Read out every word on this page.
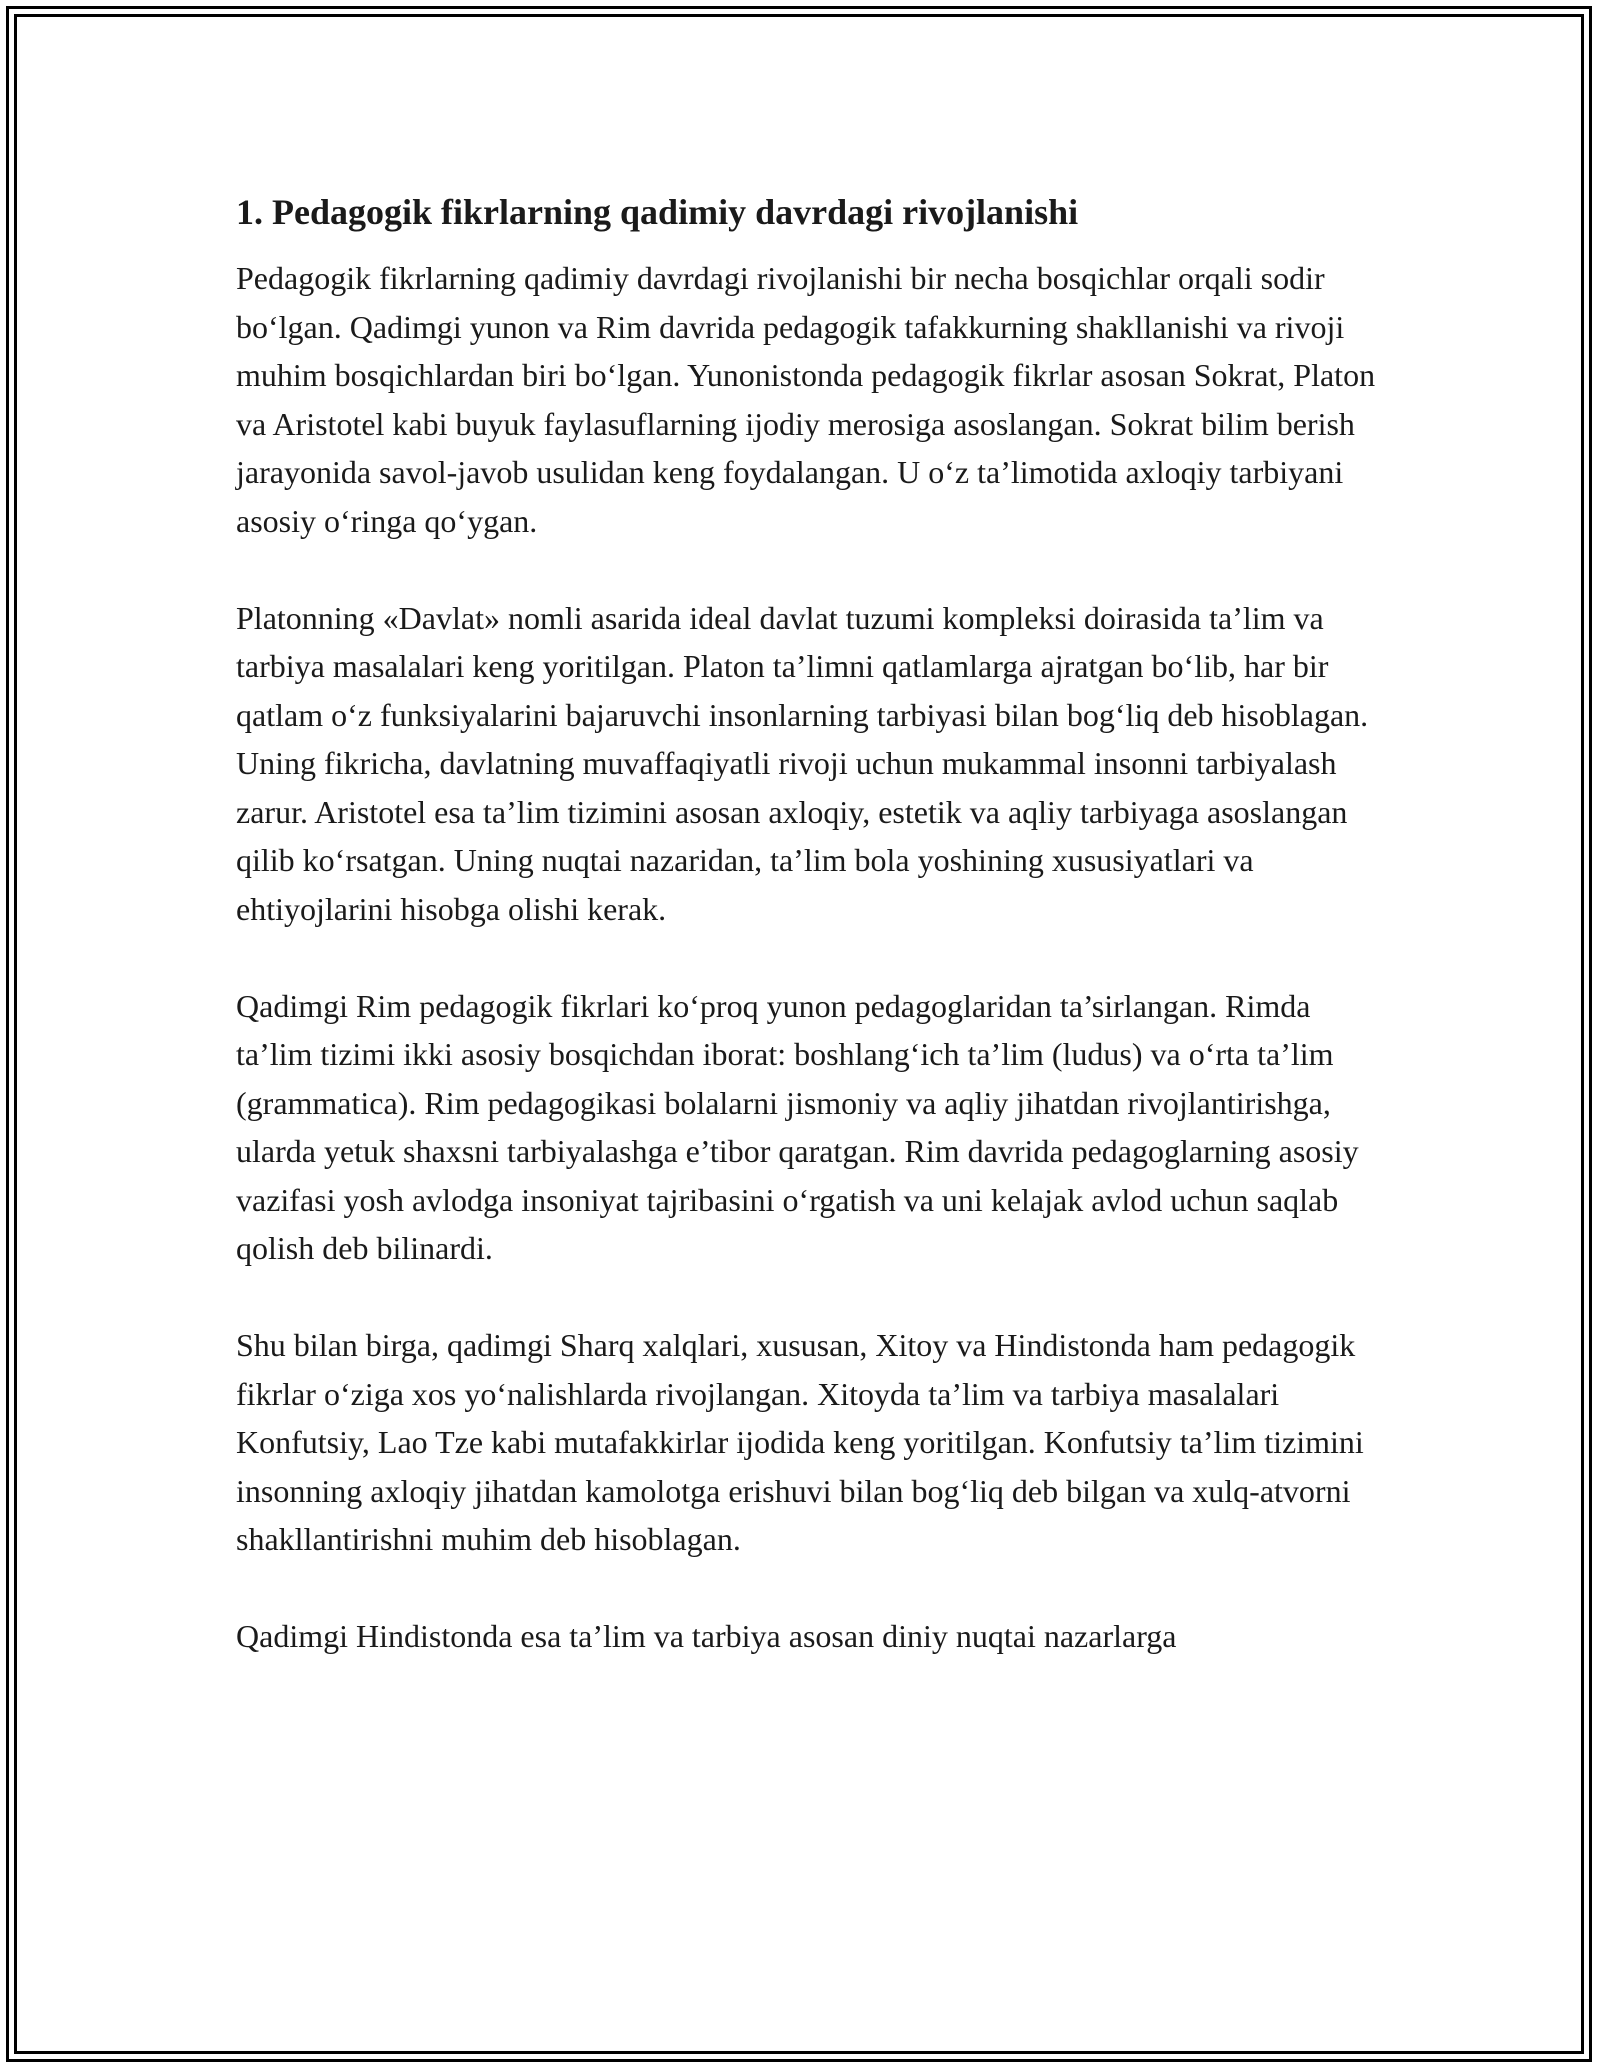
1. Pedagogik fikrlarning qadimiy davrdagi rivojlanishi

Pedagogik fikrlarning qadimiy davrdagi rivojlanishi bir necha bosqichlar orqali sodir bo‘lgan. Qadimgi yunon va Rim davrida pedagogik tafakkurning shakllanishi va rivoji muhim bosqichlardan biri bo‘lgan. Yunonistonda pedagogik fikrlar asosan Sokrat, Platon va Aristotel kabi buyuk faylasuflarning ijodiy merosiga asoslangan. Sokrat bilim berish jarayonida savol-javob usulidan keng foydalangan. U o‘z ta’limotida axloqiy tarbiyani asosiy o‘ringa qo‘ygan.

Platonning «Davlat» nomli asarida ideal davlat tuzumi kompleksi doirasida ta’lim va tarbiya masalalari keng yoritilgan. Platon ta’limni qatlamlarga ajratgan bo‘lib, har bir qatlam o‘z funksiyalarini bajaruvchi insonlarning tarbiyasi bilan bog‘liq deb hisoblagan. Uning fikricha, davlatning muvaffaqiyatli rivoji uchun mukammal insonni tarbiyalash zarur. Aristotel esa ta’lim tizimini asosan axloqiy, estetik va aqliy tarbiyaga asoslangan qilib ko‘rsatgan. Uning nuqtai nazaridan, ta’lim bola yoshining xususiyatlari va ehtiyojlarini hisobga olishi kerak.

Qadimgi Rim pedagogik fikrlari ko‘proq yunon pedagoglaridan ta’sirlangan. Rimda ta’lim tizimi ikki asosiy bosqichdan iborat: boshlang‘ich ta’lim (ludus) va o‘rta ta’lim (grammatica). Rim pedagogikasi bolalarni jismoniy va aqliy jihatdan rivojlantirishga, ularda yetuk shaxsni tarbiyalashga e’tibor qaratgan. Rim davrida pedagoglarning asosiy vazifasi yosh avlodga insoniyat tajribasini o‘rgatish va uni kelajak avlod uchun saqlab qolish deb bilinardi.

Shu bilan birga, qadimgi Sharq xalqlari, xususan, Xitoy va Hindistonda ham pedagogik fikrlar o‘ziga xos yo‘nalishlarda rivojlangan. Xitoyda ta’lim va tarbiya masalalari Konfutsiy, Lao Tze kabi mutafakkirlar ijodida keng yoritilgan. Konfutsiy ta’lim tizimini insonning axloqiy jihatdan kamolotga erishuvi bilan bog‘liq deb bilgan va xulq-atvorni shakllantirishni muhim deb hisoblagan.

Qadimgi Hindistonda esa ta’lim va tarbiya asosan diniy nuqtai nazarlarga
